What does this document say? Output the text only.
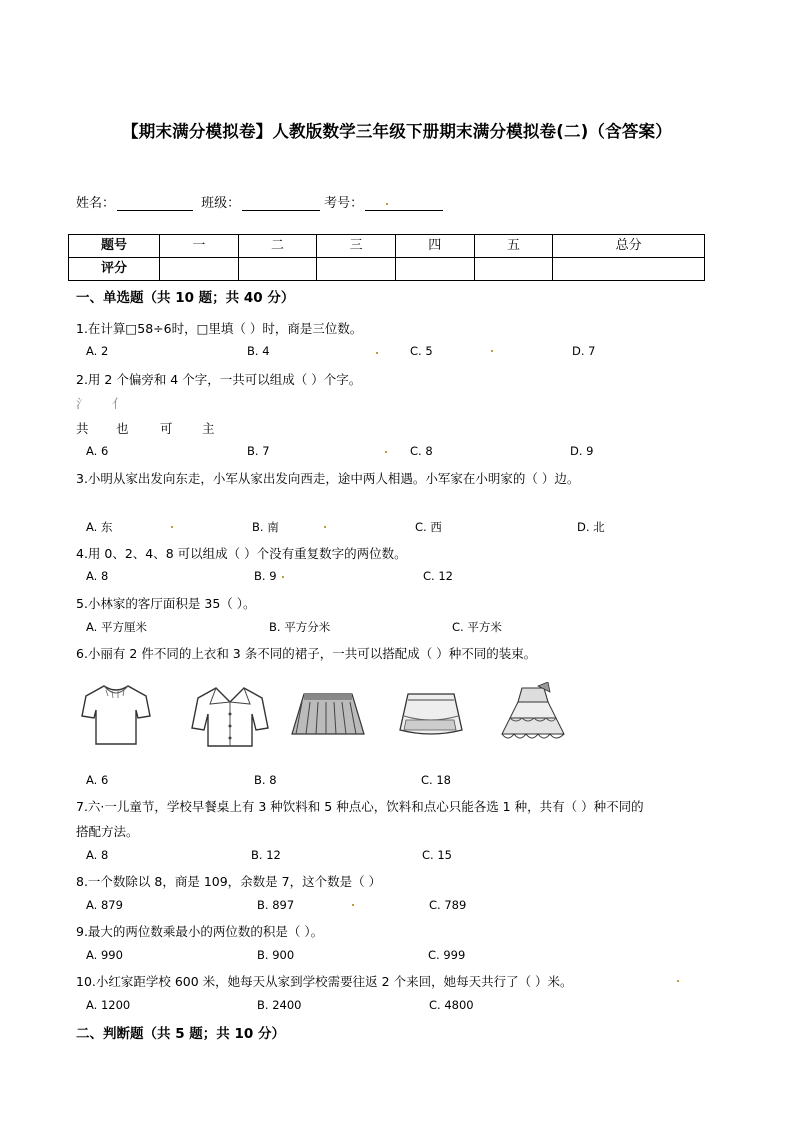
【期末满分模拟卷】人教版数学三年级下册期末满分模拟卷(二)（含答案）
姓名：	班级：	考号：
题号	一	二	三	四	五	总分
评分						
一、单选题（共 10 题；共 40 分）
1.在计算□58÷6时，□里填（ ）时，商是三位数。
A. 2	B. 4	C. 5	D. 7
2.用 2 个偏旁和 4 个字，一共可以组成（ ）个字。
氵 亻
共 也	可 主
A. 6	B. 7	C. 8	D. 9
3.小明从家出发向东走，小军从家出发向西走，途中两人相遇。小军家在小明家的（ ）边。
A. 东	B. 南	C. 西	D. 北
4.用 0、2、4、8 可以组成（ ）个没有重复数字的两位数。
A. 8	B. 9	C. 12
5.小林家的客厅面积是 35（ ）。
A. 平方厘米	B. 平方分米	C. 平方米
6.小丽有 2 件不同的上衣和 3 条不同的裙子，一共可以搭配成（ ）种不同的装束。
A. 6	B. 8	C. 18
7.六·一儿童节，学校早餐桌上有 3 种饮料和 5 种点心，饮料和点心只能各选 1 种，共有（ ）种不同的
搭配方法。
A. 8	B. 12	C. 15
8.一个数除以 8，商是 109，余数是 7，这个数是（ ）
A. 879	B. 897	C. 789
9.最大的两位数乘最小的两位数的积是（ ）。
A. 990	B. 900	C. 999
10.小红家距学校 600 米，她每天从家到学校需要往返 2 个来回，她每天共行了（ ）米。
A. 1200	B. 2400	C. 4800
二、判断题（共 5 题；共 10 分）
